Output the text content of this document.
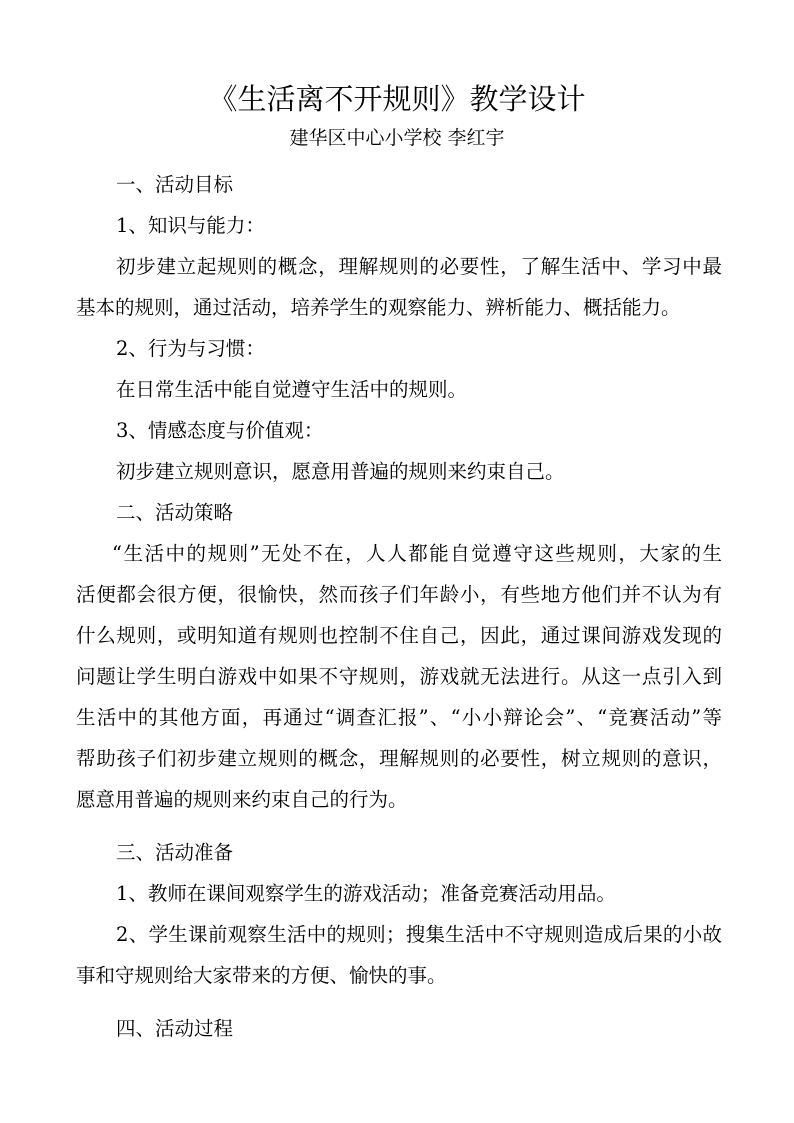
《生活离不开规则》教学设计
建华区中心小学校 李红宇
一、活动目标
1、知识与能力：
初步建立起规则的概念，理解规则的必要性，了解生活中、学习中最
基本的规则，通过活动，培养学生的观察能力、辨析能力、概括能力。
2、行为与习惯：
在日常生活中能自觉遵守生活中的规则。
3、情感态度与价值观：
初步建立规则意识，愿意用普遍的规则来约束自己。
二、活动策略
“生活中的规则”无处不在，人人都能自觉遵守这些规则，大家的生
活便都会很方便，很愉快，然而孩子们年龄小，有些地方他们并不认为有
什么规则，或明知道有规则也控制不住自己，因此，通过课间游戏发现的
问题让学生明白游戏中如果不守规则，游戏就无法进行。从这一点引入到
生活中的其他方面，再通过“调查汇报”、“小小辩论会”、“竞赛活动”等
帮助孩子们初步建立规则的概念，理解规则的必要性，树立规则的意识，
愿意用普遍的规则来约束自己的行为。
三、活动准备
1、教师在课间观察学生的游戏活动；准备竞赛活动用品。
2、学生课前观察生活中的规则；搜集生活中不守规则造成后果的小故
事和守规则给大家带来的方便、愉快的事。
四、活动过程
